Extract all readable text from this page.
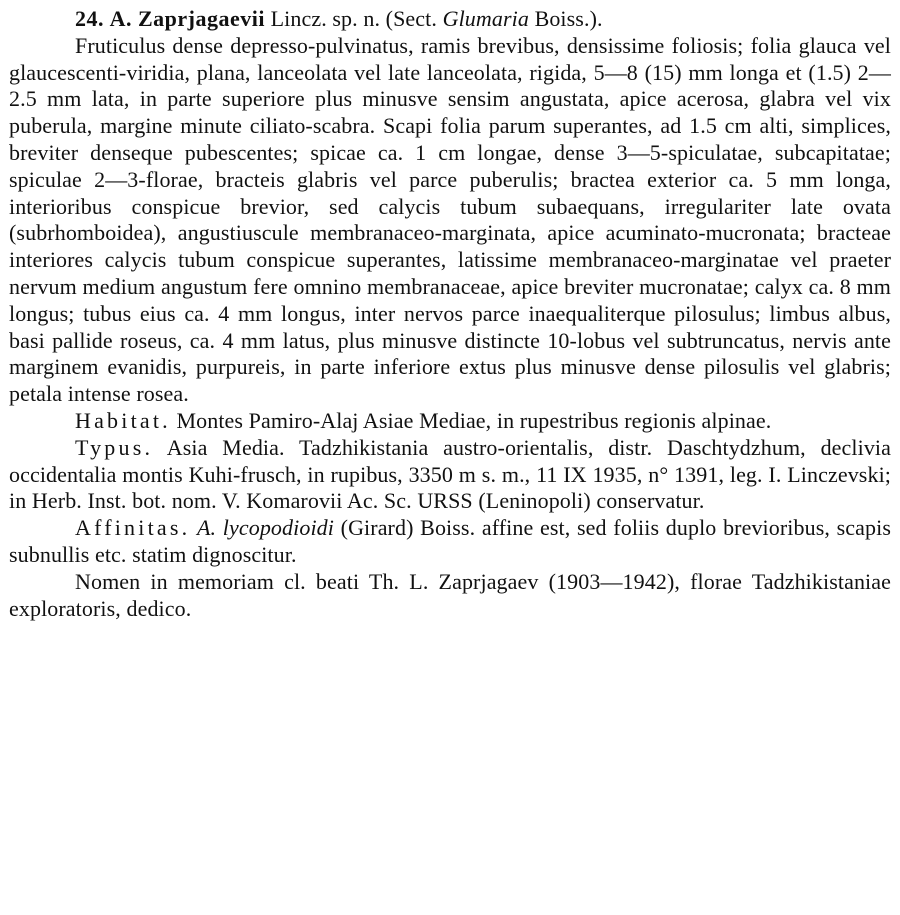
24. A. Zaprjagaevii Lincz. sp. n. (Sect. Glumaria Boiss.).

Fruticulus dense depresso-pulvinatus, ramis brevibus, densissime foliosis; folia glauca vel glaucescenti-viridia, plana, lanceolata vel late lanceolata, rigida, 5—8 (15) mm longa et (1.5) 2—2.5 mm lata, in parte superiore plus minusve sensim angustata, apice acerosa, glabra vel vix puberula, margine minute ciliato-scabra. Scapi folia parum superantes, ad 1.5 cm alti, simplices, breviter denseque pubescentes; spicae ca. 1 cm longae, dense 3—5-spiculatae, subcapitatae; spiculae 2—3-florae, bracteis glabris vel parce puberulis; bractea exterior ca. 5 mm longa, interioribus conspicue brevior, sed calycis tubum subaequans, irregulariter late ovata (subrhomboidea), angustiuscule membranaceo-marginata, apice acuminato-mucronata; bracteae interiores calycis tubum conspicue superantes, latissime membranaceo-marginatae vel praeter nervum medium angustum fere omnino membranaceae, apice breviter mucronatae; calyx ca. 8 mm longus; tubus eius ca. 4 mm longus, inter nervos parce inaequaliterque pilosulus; limbus albus, basi pallide roseus, ca. 4 mm latus, plus minusve distincte 10-lobus vel subtruncatus, nervis ante marginem evanidis, purpureis, in parte inferiore extus plus minusve dense pilosulis vel glabris; petala intense rosea.

Habitat. Montes Pamiro-Alaj Asiae Mediae, in rupestribus regionis alpinae.

Typus. Asia Media. Tadzhikistania austro-orientalis, distr. Daschtydzhum, declivia occidentalia montis Kuhi-frusch, in rupibus, 3350 m s. m., 11 IX 1935, n° 1391, leg. I. Linczevski; in Herb. Inst. bot. nom. V. Komarovii Ac. Sc. URSS (Leninopoli) conservatur.

Affinitas. A. lycopodioidi (Girard) Boiss. affine est, sed foliis duplo brevioribus, scapis subnullis etc. statim dignoscitur.

Nomen in memoriam cl. beati Th. L. Zaprjagaev (1903—1942), florae Tadzhikistaniae exploratoris, dedico.
